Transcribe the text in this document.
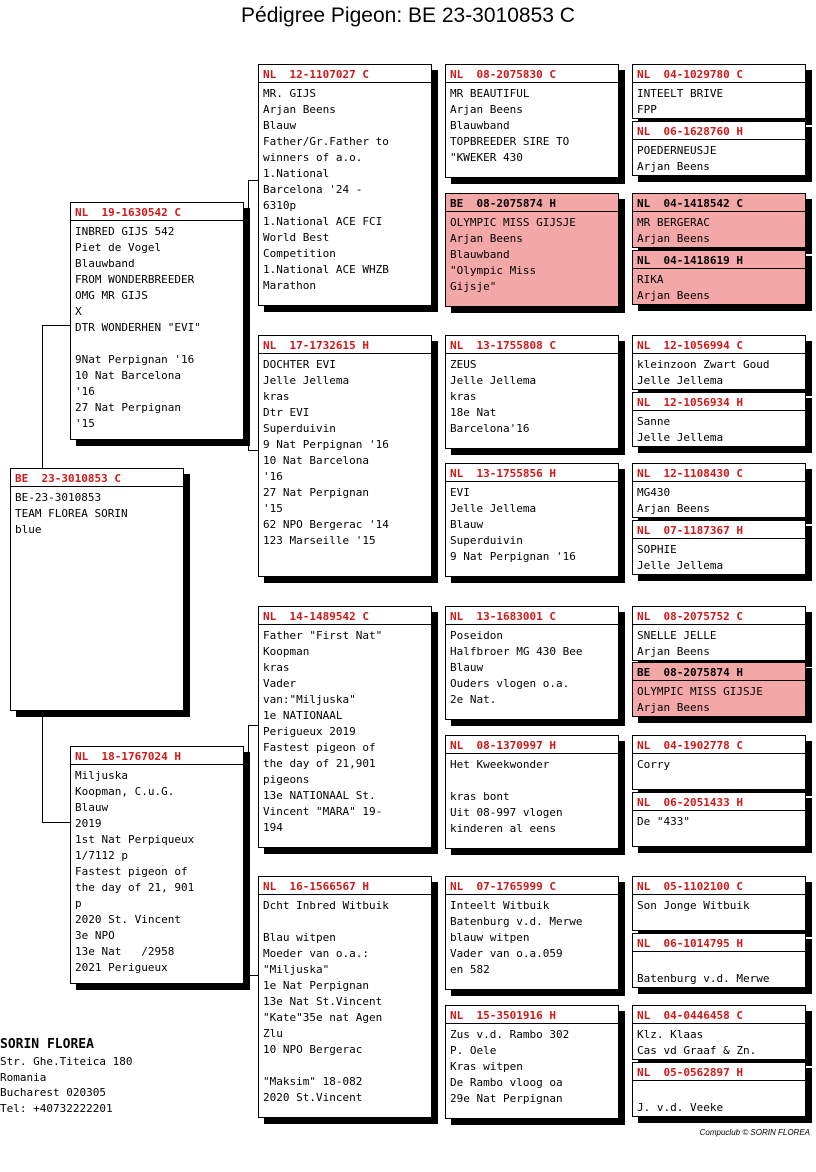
Pédigree Pigeon: BE 23-3010853 C
BE  23-3010853 C
BE-23-3010853
TEAM FLOREA SORIN
blue
NL  19-1630542 C
INBRED GIJS 542
Piet de Vogel
Blauwband
FROM WONDERBREEDER
OMG MR GIJS
X
DTR WONDERHEN "EVI"
9Nat Perpignan '16
10 Nat Barcelona
'16
27 Nat Perpignan
'15
NL  18-1767024 H
Miljuska
Koopman, C.u.G.
Blauw
2019
1st Nat Perpiqueux
1/7112 p
Fastest pigeon of
the day of 21, 901
p
2020 St. Vincent
3e NPO
13e Nat   /2958
2021 Perigueux
NL  12-1107027 C
MR. GIJS
Arjan Beens
Blauw
Father/Gr.Father to
winners of a.o.
1.National
Barcelona '24 -
6310p
1.National ACE FCI
World Best
Competition
1.National ACE WHZB
Marathon
NL  17-1732615 H
DOCHTER EVI
Jelle Jellema
kras
Dtr EVI
Superduivin
9 Nat Perpignan '16
10 Nat Barcelona
'16
27 Nat Perpignan
'15
62 NPO Bergerac '14
123 Marseille '15
NL  14-1489542 C
Father "First Nat"
Koopman
kras
Vader
van:"Miljuska"
1e NATIONAAL
Perigueux 2019
Fastest pigeon of
the day of 21,901
pigeons
13e NATIONAAL St.
Vincent "MARA" 19-
194
NL  16-1566567 H
Dcht Inbred Witbuik
Blau witpen
Moeder van o.a.:
"Miljuska"
1e Nat Perpignan
13e Nat St.Vincent
"Kate"35e nat Agen
Zlu
10 NPO Bergerac
"Maksim" 18-082
2020 St.Vincent
NL  08-2075830 C
MR BEAUTIFUL
Arjan Beens
Blauwband
TOPBREEDER SIRE TO
"KWEKER 430
BE  08-2075874 H
OLYMPIC MISS GIJSJE
Arjan Beens
Blauwband
"Olympic Miss
Gijsje"
NL  13-1755808 C
ZEUS
Jelle Jellema
kras
18e Nat
Barcelona'16
NL  13-1755856 H
EVI
Jelle Jellema
Blauw
Superduivin
9 Nat Perpignan '16
NL  13-1683001 C
Poseidon
Halfbroer MG 430 Bee
Blauw
Ouders vlogen o.a.
2e Nat.
NL  08-1370997 H
Het Kweekwonder
kras bont
Uit 08-997 vlogen
kinderen al eens
NL  07-1765999 C
Inteelt Witbuik
Batenburg v.d. Merwe
blauw witpen
Vader van o.a.059
en 582
NL  15-3501916 H
Zus v.d. Rambo 302
P. Oele
Kras witpen
De Rambo vloog oa
29e Nat Perpignan
NL  04-1029780 C
INTEELT BRIVE
FPP
NL  06-1628760 H
POEDERNEUSJE
Arjan Beens
NL  04-1418542 C
MR BERGERAC
Arjan Beens
NL  04-1418619 H
RIKA
Arjan Beens
NL  12-1056994 C
kleinzoon Zwart Goud
Jelle Jellema
NL  12-1056934 H
Sanne
Jelle Jellema
NL  12-1108430 C
MG430
Arjan Beens
NL  07-1187367 H
SOPHIE
Jelle Jellema
NL  08-2075752 C
SNELLE JELLE
Arjan Beens
BE  08-2075874 H
OLYMPIC MISS GIJSJE
Arjan Beens
NL  04-1902778 C
Corry
NL  06-2051433 H
De "433"
NL  05-1102100 C
Son Jonge Witbuik
NL  06-1014795 H
Batenburg v.d. Merwe
NL  04-0446458 C
Klz. Klaas
Cas vd Graaf & Zn.
NL  05-0562897 H
J. v.d. Veeke
SORIN FLOREA
Str. Ghe.Titeica 180
Romania
Bucharest 020305
Tel: +40732222201
Compuclub © SORIN FLOREA
